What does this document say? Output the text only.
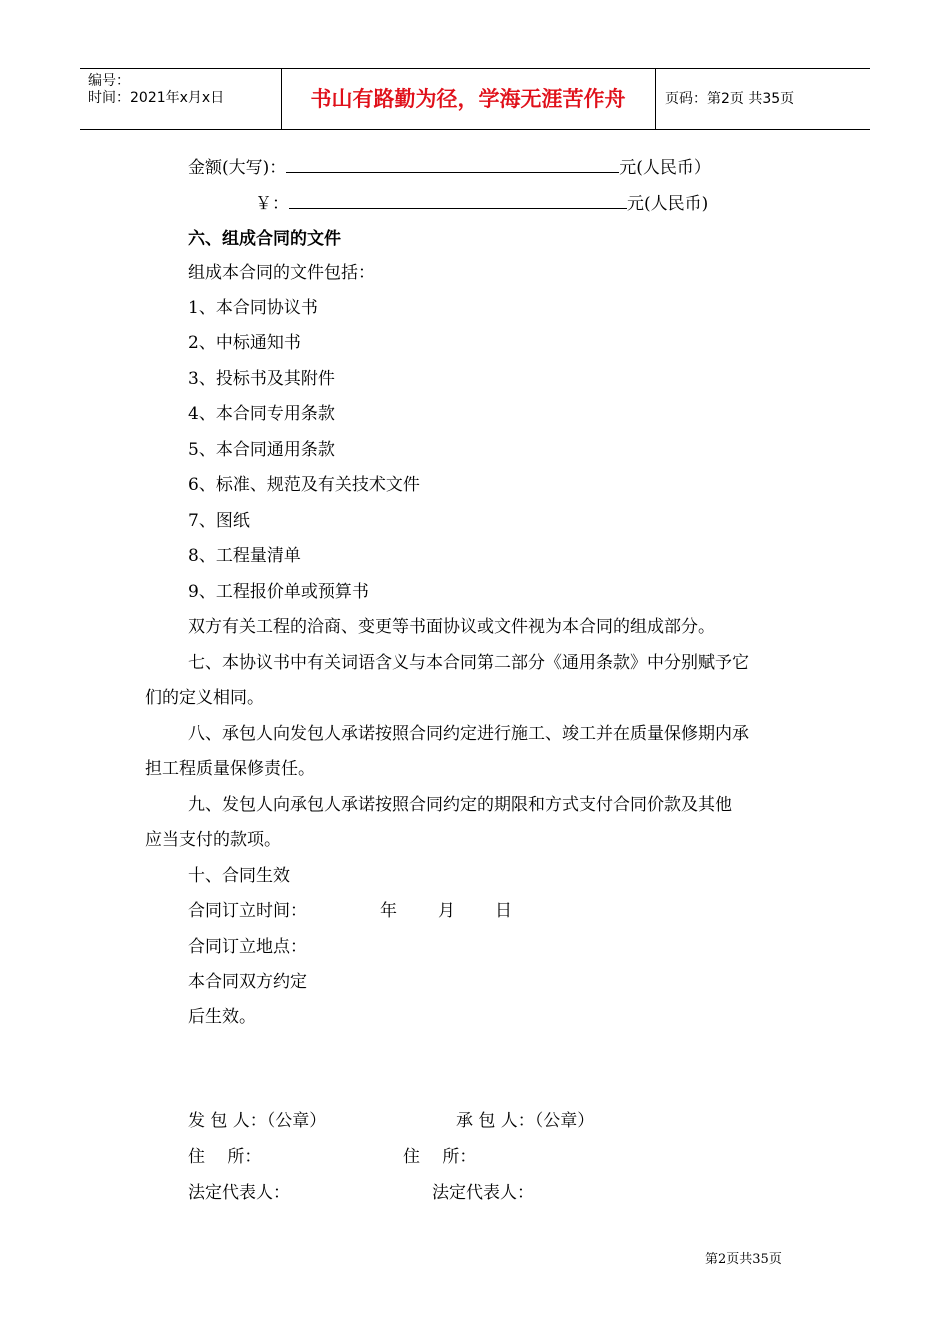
编号：
时间：2021年x月x日	书山有路勤为径，学海无涯苦作舟	页码：第2页 共35页
金额(大写)：	元(人民币）
￥：	元(人民币)
六、组成合同的文件
组成本合同的文件包括：
1、本合同协议书
2、中标通知书
3、投标书及其附件
4、本合同专用条款
5、本合同通用条款
6、标准、规范及有关技术文件
7、图纸
8、工程量清单
9、工程报价单或预算书
双方有关工程的洽商、变更等书面协议或文件视为本合同的组成部分。
七、本协议书中有关词语含义与本合同第二部分《通用条款》中分别赋予它
们的定义相同。
八、承包人向发包人承诺按照合同约定进行施工、竣工并在质量保修期内承
担工程质量保修责任。
九、发包人向承包人承诺按照合同约定的期限和方式支付合同价款及其他
应当支付的款项。
十、合同生效
合同订立时间：	年 月 日
合同订立地点：
本合同双方约定
后生效。
发 包 人：（公章）	承 包 人：（公章）
住　 所：	住　 所：
法定代表人：	法定代表人：
第2页共35页
